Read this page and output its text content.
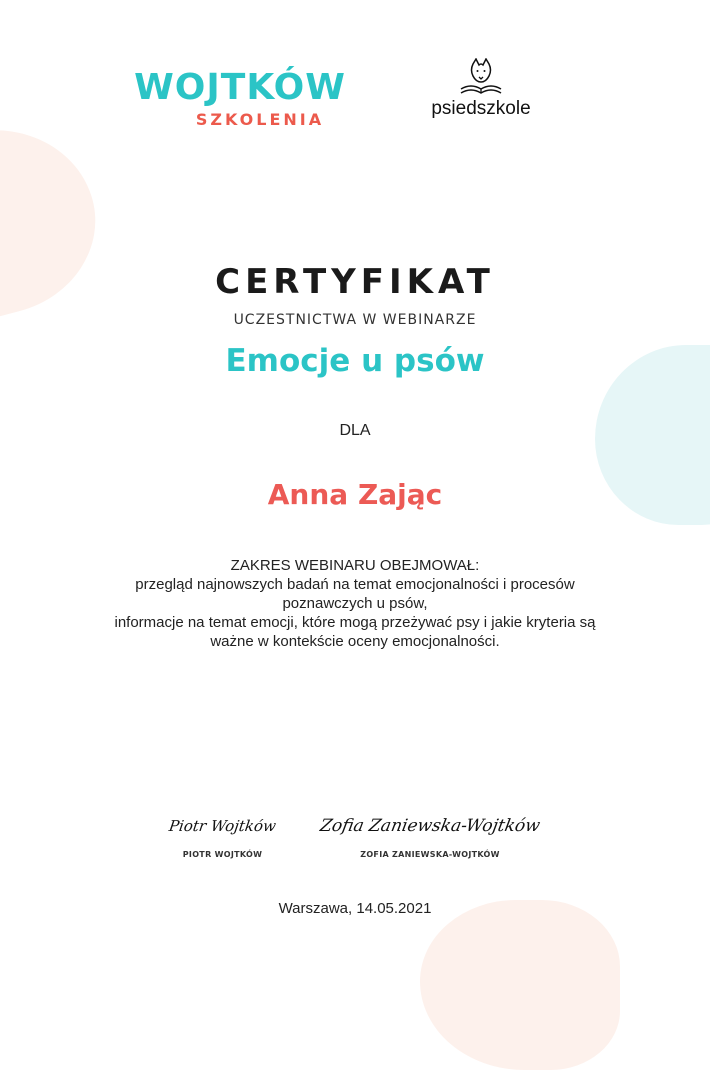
WOJTKÓW
SZKOLENIA
psiedszkole
CERTYFIKAT
UCZESTNICTWA W WEBINARZE
Emocje u psów
DLA
Anna Zając
ZAKRES WEBINARU OBEJMOWAŁ:
przegląd najnowszych badań na temat emocjonalności i procesów
poznawczych u psów,
informacje na temat emocji, które mogą przeżywać psy i jakie kryteria są
ważne w kontekście oceny emocjonalności.
Piotr Wojtków
PIOTR WOJTKÓW
Zofia Zaniewska-Wojtków
ZOFIA ZANIEWSKA-WOJTKÓW
Warszawa, 14.05.2021
